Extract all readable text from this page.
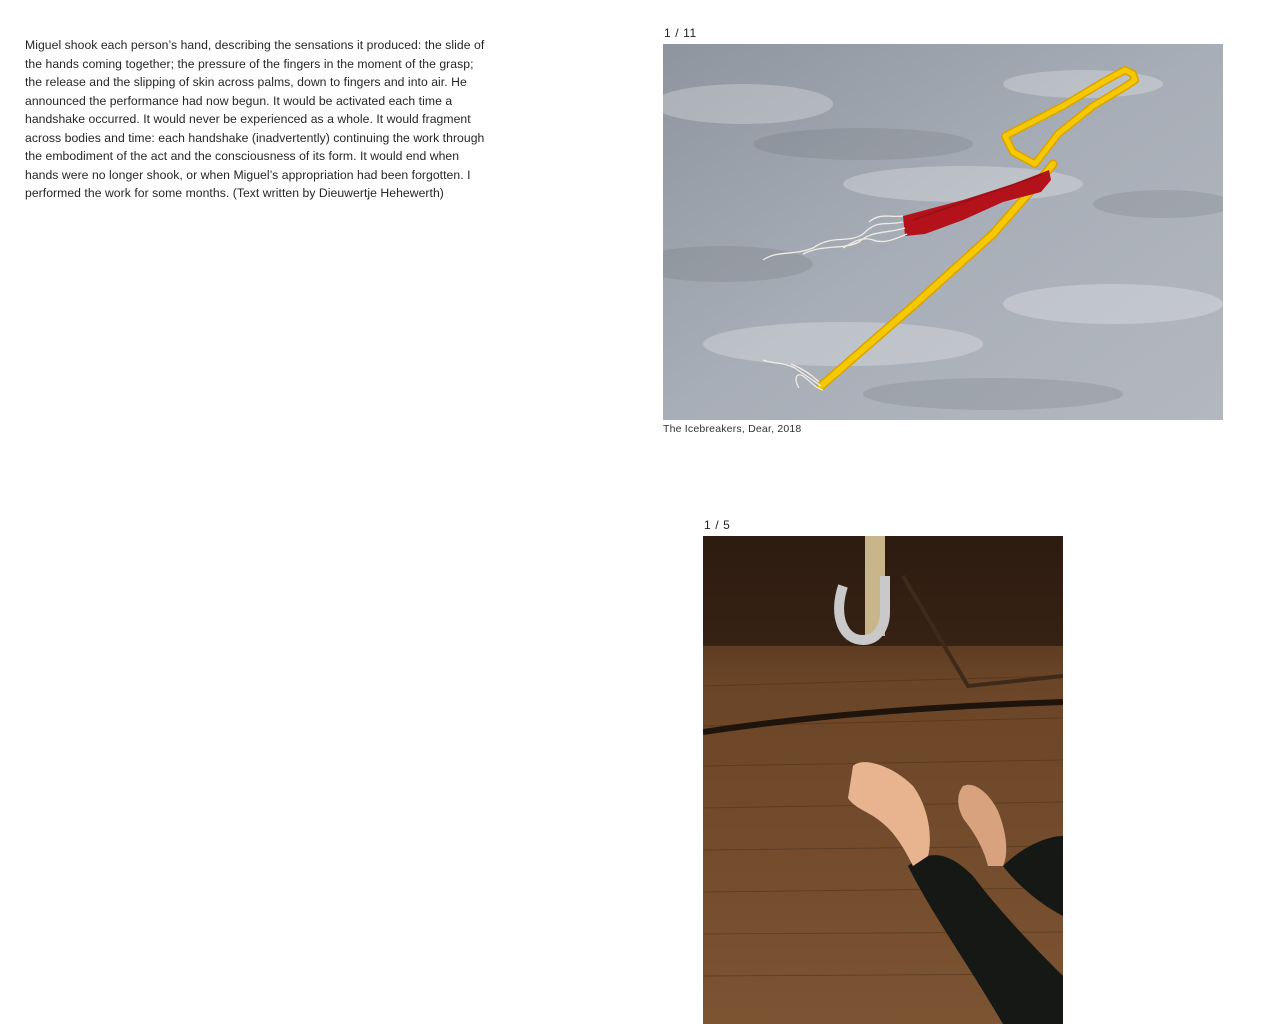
Miguel shook each person’s hand, describing the sensations it produced: the slide of the hands coming together; the pressure of the fingers in the moment of the grasp; the release and the slipping of skin across palms, down to fingers and into air. He announced the performance had now begun. It would be activated each time a handshake occurred. It would never be experienced as a whole. It would fragment across bodies and time: each handshake (inadvertently) continuing the work through the embodiment of the act and the consciousness of its form. It would end when hands were no longer shook, or when Miguel’s appropriation had been forgotten. I performed the work for some months. (Text written by Dieuwertje Hehewerth)

1 / 11
The Icebreakers, Dear, 2018
1 / 5
